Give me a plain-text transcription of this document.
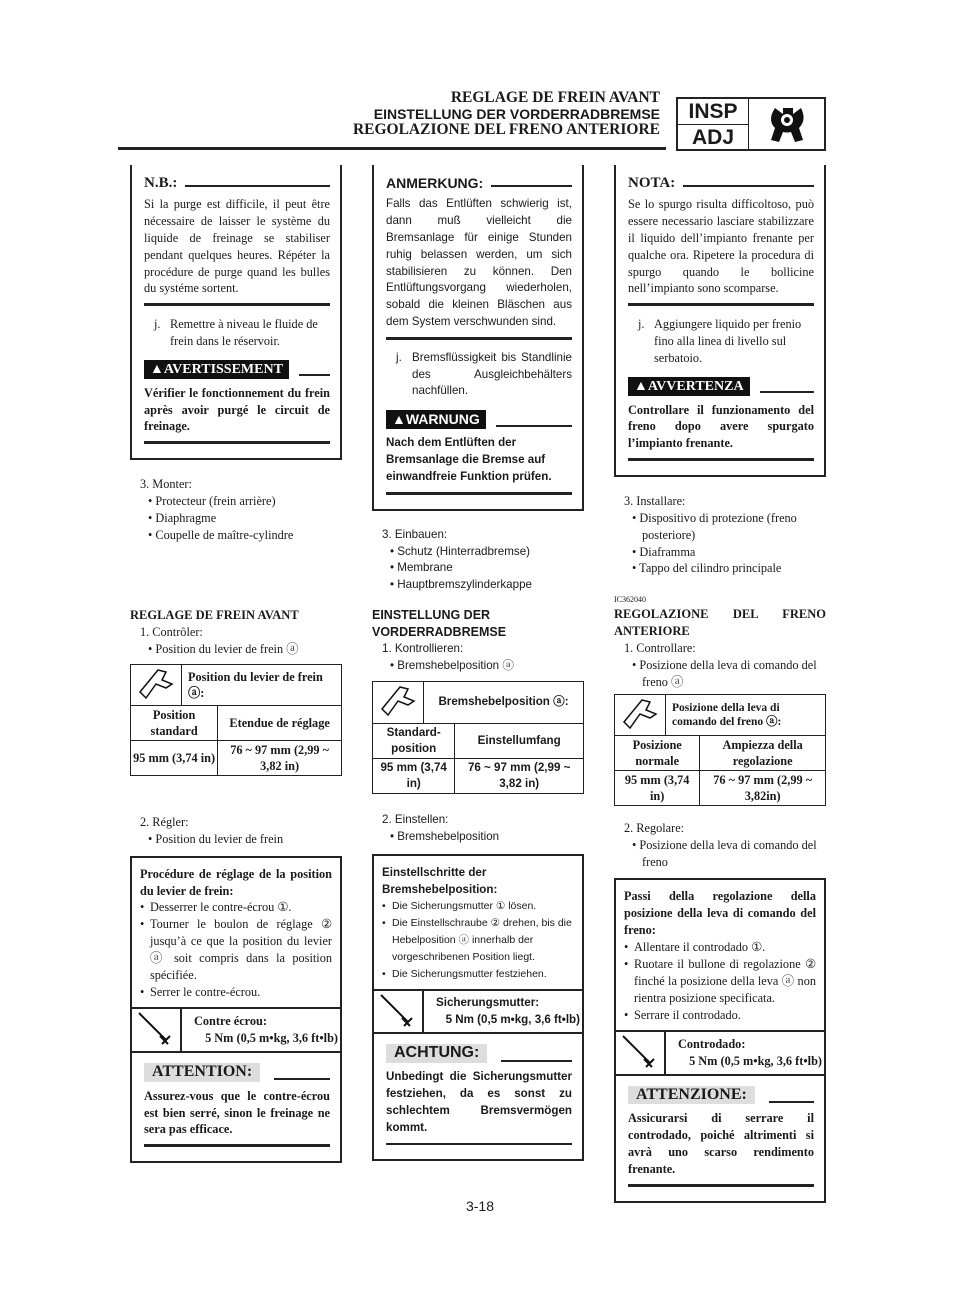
REGLAGE DE FREIN AVANT
EINSTELLUNG DER VORDERRADBREMSE
REGOLAZIONE DEL FRENO ANTERIORE
INSP
ADJ
N.B.:
Si la purge est difficile, il peut être nécessaire de laisser le système du liquide de freinage se stabiliser pendant quelques heures. Répéter la procédure de purge quand les bulles du systéme sortent.
j. Remettre à niveau le fluide de frein dans le réservoir.
▲AVERTISSEMENT
Vérifier le fonctionnement du frein après avoir purgé le circuit de freinage.
3. Monter:
• Protecteur (frein arrière)
• Diaphragme
• Coupelle de maître-cylindre
REGLAGE DE FREIN AVANT
1. Contrôler:
• Position du levier de frein ⓐ
	Position du levier de frein ⓐ:	
Position standard		Etendue de réglage
95 mm (3,74 in)		76 ~ 97 mm (2,99 ~ 3,82 in)
2. Régler:
• Position du levier de frein
Procédure de réglage de la position du levier de frein:
• Desserrer le contre-écrou ①.
• Tourner le boulon de réglage ② jusqu’à ce que la position du levier ⓐ soit compris dans la position spécifiée.
• Serrer le contre-écrou.
Contre écrou:
5 Nm (0,5 m•kg, 3,6 ft•lb)
ATTENTION:
Assurez-vous que le contre-écrou est bien serré, sinon le freinage ne sera pas efficace.
ANMERKUNG:
Falls das Entlüften schwierig ist, dann muß vielleicht die Bremsanlage für einige Stunden ruhig belassen werden, um sich stabilisieren zu können. Den Entlüftungsvorgang wiederholen, sobald die kleinen Bläschen aus dem System verschwunden sind.
j. Bremsflüssigkeit bis Standlinie des Ausgleichbehälters nachfüllen.
▲WARNUNG
Nach dem Entlüften der Bremsanlage die Bremse auf einwandfreie Funktion prüfen.
3. Einbauen:
• Schutz (Hinterradbremse)
• Membrane
• Hauptbremszylinderkappe
EINSTELLUNG DER VORDERRADBREMSE
1. Kontrollieren:
• Bremshebelposition ⓐ
	Bremshebelposition ⓐ:	
Standard-position		Einstellumfang
95 mm (3,74 in)		76 ~ 97 mm (2,99 ~ 3,82 in)
2. Einstellen:
• Bremshebelposition
Einstellschritte der Bremshebelposition:
• Die Sicherungsmutter ① lösen.
• Die Einstellschraube ② drehen, bis die Hebelposition ⓐ innerhalb der vorgeschribenen Position liegt.
• Die Sicherungsmutter festziehen.
Sicherungsmutter:
5 Nm (0,5 m•kg, 3,6 ft•lb)
ACHTUNG:
Unbedingt die Sicherungsmutter festziehen, da es sonst zu schlechtem Bremsvermögen kommt.
NOTA:
Se lo spurgo risulta difficoltoso, può essere necessario lasciare stabilizzare il liquido dell’impianto frenante per qualche ora. Ripetere la procedura di spurgo quando le bollicine nell’impianto sono scomparse.
j. Aggiungere liquido per frenio fino alla linea di livello sul serbatoio.
▲AVVERTENZA
Controllare il funzionamento del freno dopo avere spurgato l’impianto frenante.
3. Installare:
• Dispositivo di protezione (freno posteriore)
• Diaframma
• Tappo del cilindro principale
IC362040
REGOLAZIONE DEL FRENO ANTERIORE
1. Controllare:
• Posizione della leva di comando del freno ⓐ
	Posizione della leva di comando del freno ⓐ:	
Posizione normale		Ampiezza della regolazione
95 mm (3,74 in)		76 ~ 97 mm (2,99 ~ 3,82in)
2. Regolare:
• Posizione della leva di comando del freno
Passi della regolazione della posizione della leva di comando del freno:
• Allentare il controdado ①.
• Ruotare il bullone di regolazione ② finché la posizione della leva ⓐ non rientra posizione specificata.
• Serrare il controdado.
Controdado:
5 Nm (0,5 m•kg, 3,6 ft•lb)
ATTENZIONE:
Assicurarsi di serrare il controdado, poiché altrimenti si avrà uno scarso rendimento frenante.
3-18
